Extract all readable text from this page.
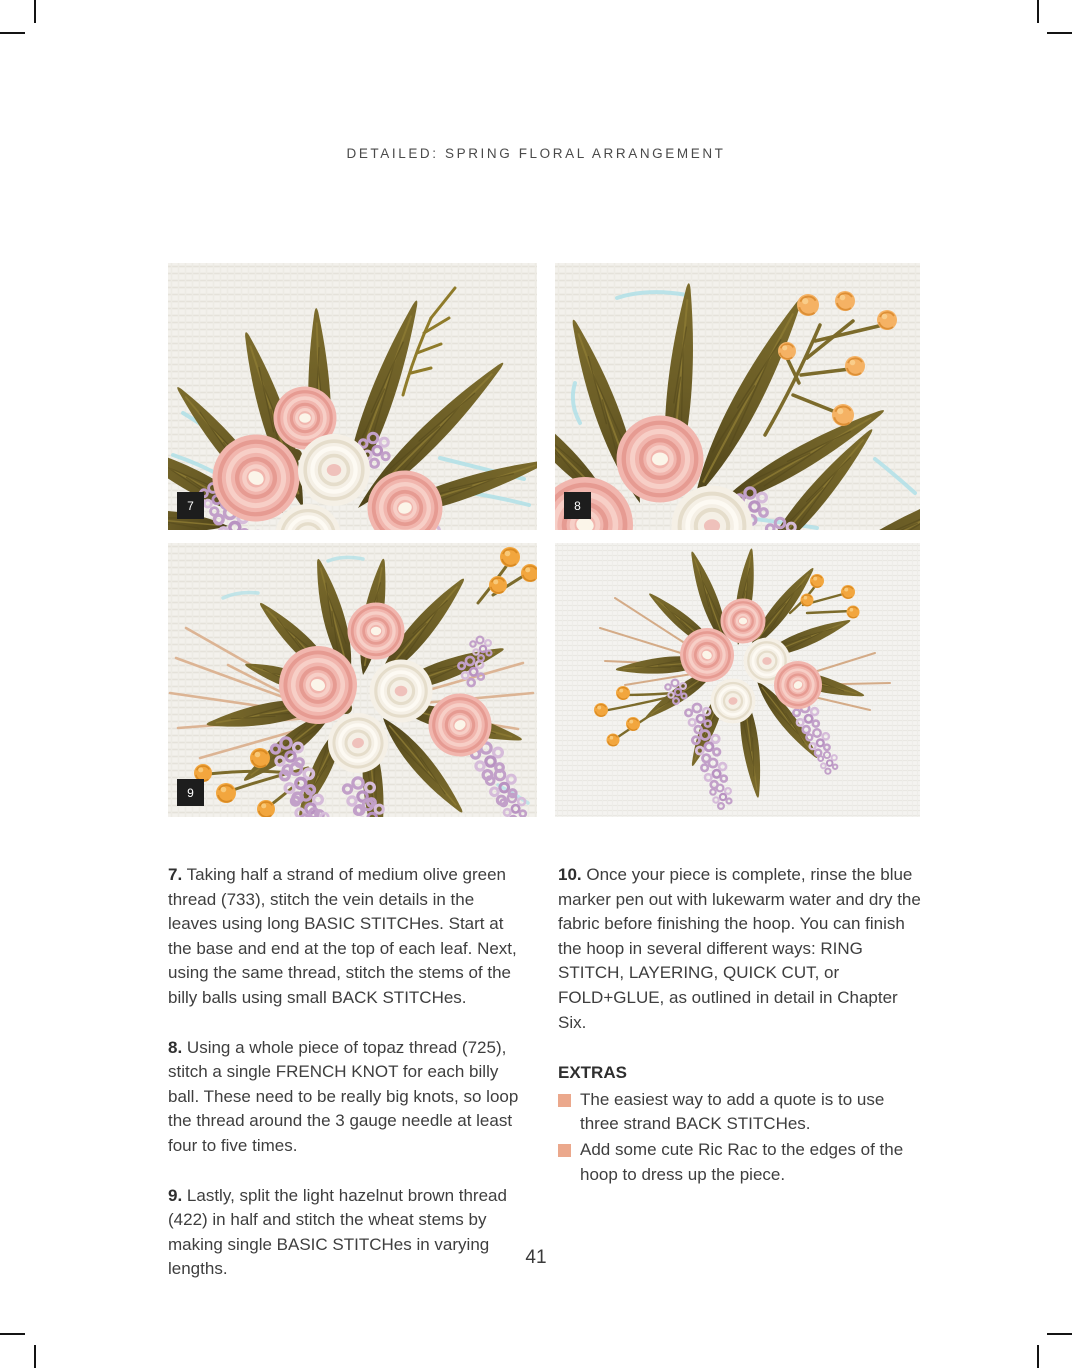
DETAILED: SPRING FLORAL ARRANGEMENT
7	8
9

7. Taking half a strand of medium olive green thread (733), stitch the vein details in the leaves using long BASIC STITCHes. Start at the base and end at the top of each leaf. Next, using the same thread, stitch the stems of the billy balls using small BACK STITCHes.

8. Using a whole piece of topaz thread (725), stitch a single FRENCH KNOT for each billy ball. These need to be really big knots, so loop the thread around the 3 gauge needle at least four to five times.

9. Lastly, split the light hazelnut brown thread (422) in half and stitch the wheat stems by making single BASIC STITCHes in varying lengths.

10. Once your piece is complete, rinse the blue marker pen out with lukewarm water and dry the fabric before finishing the hoop. You can finish the hoop in several different ways: RING STITCH, LAYERING, QUICK CUT, or FOLD+GLUE, as outlined in detail in Chapter Six.

EXTRAS
The easiest way to add a quote is to use three strand BACK STITCHes.
Add some cute Ric Rac to the edges of the hoop to dress up the piece.
41
